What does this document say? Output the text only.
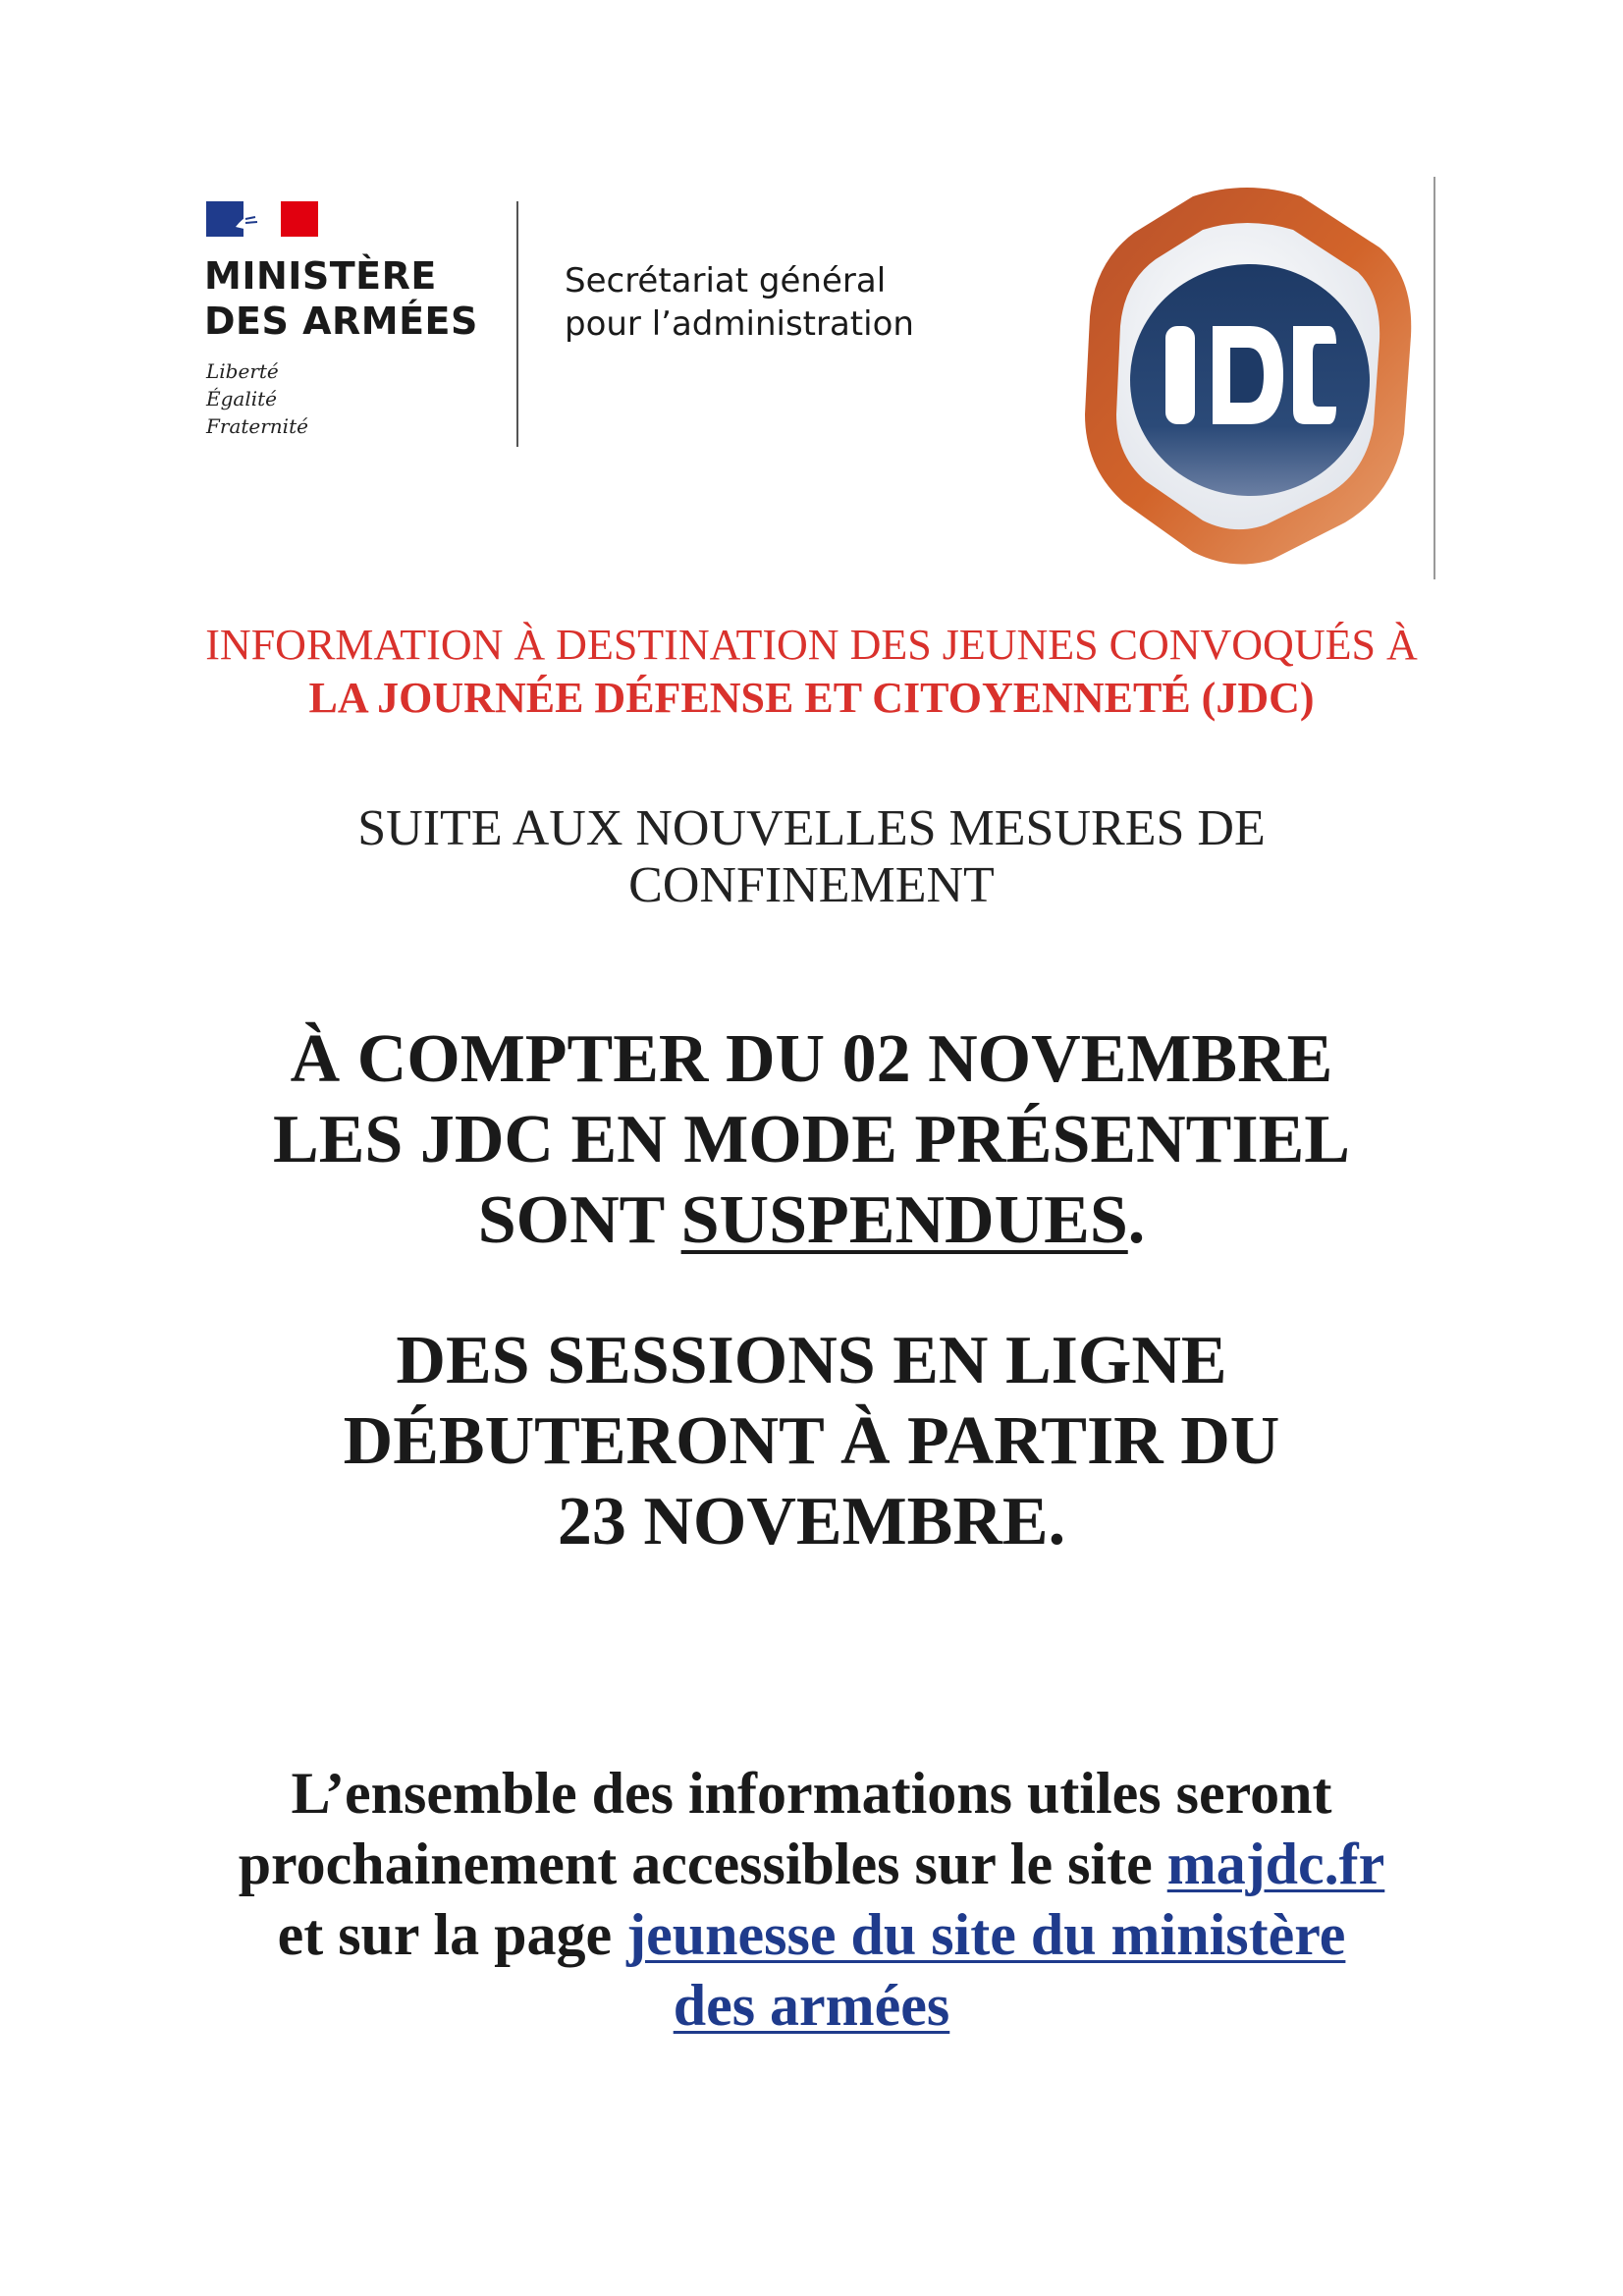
MINISTÈRE
DES ARMÉES
Liberté
Égalité
Fraternité
Secrétariat général
pour l’administration
INFORMATION À DESTINATION DES JEUNES CONVOQUÉS À
LA JOURNÉE DÉFENSE ET CITOYENNETÉ (JDC)
SUITE AUX NOUVELLES MESURES DE
CONFINEMENT
À COMPTER DU 02 NOVEMBRE
LES JDC EN MODE PRÉSENTIEL
SONT SUSPENDUES.
DES SESSIONS EN LIGNE
DÉBUTERONT À PARTIR DU
23 NOVEMBRE.
L’ensemble des informations utiles seront
prochainement accessibles sur le site majdc.fr
et sur la page jeunesse du site du ministère
des armées
